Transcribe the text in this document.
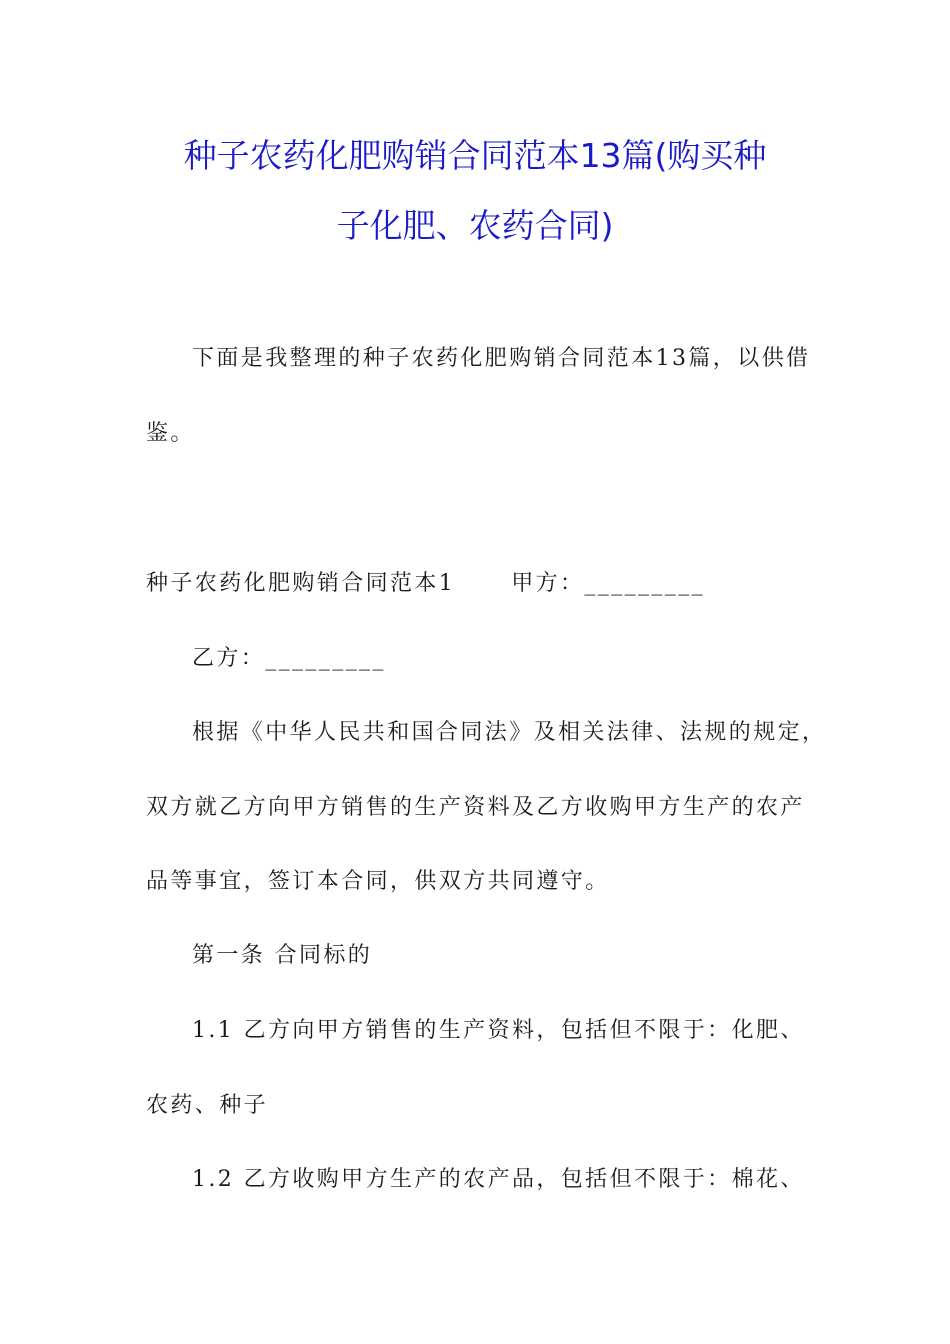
种子农药化肥购销合同范本13篇(购买种
子化肥、农药合同)
下面是我整理的种子农药化肥购销合同范本13篇，以供借
鉴。
种子农药化肥购销合同范本1	甲方：_________
乙方：_________
根据《中华人民共和国合同法》及相关法律、法规的规定，
双方就乙方向甲方销售的生产资料及乙方收购甲方生产的农产
品等事宜，签订本合同，供双方共同遵守。
第一条 合同标的
1.1 乙方向甲方销售的生产资料，包括但不限于：化肥、
农药、种子
1.2 乙方收购甲方生产的农产品，包括但不限于：棉花、
